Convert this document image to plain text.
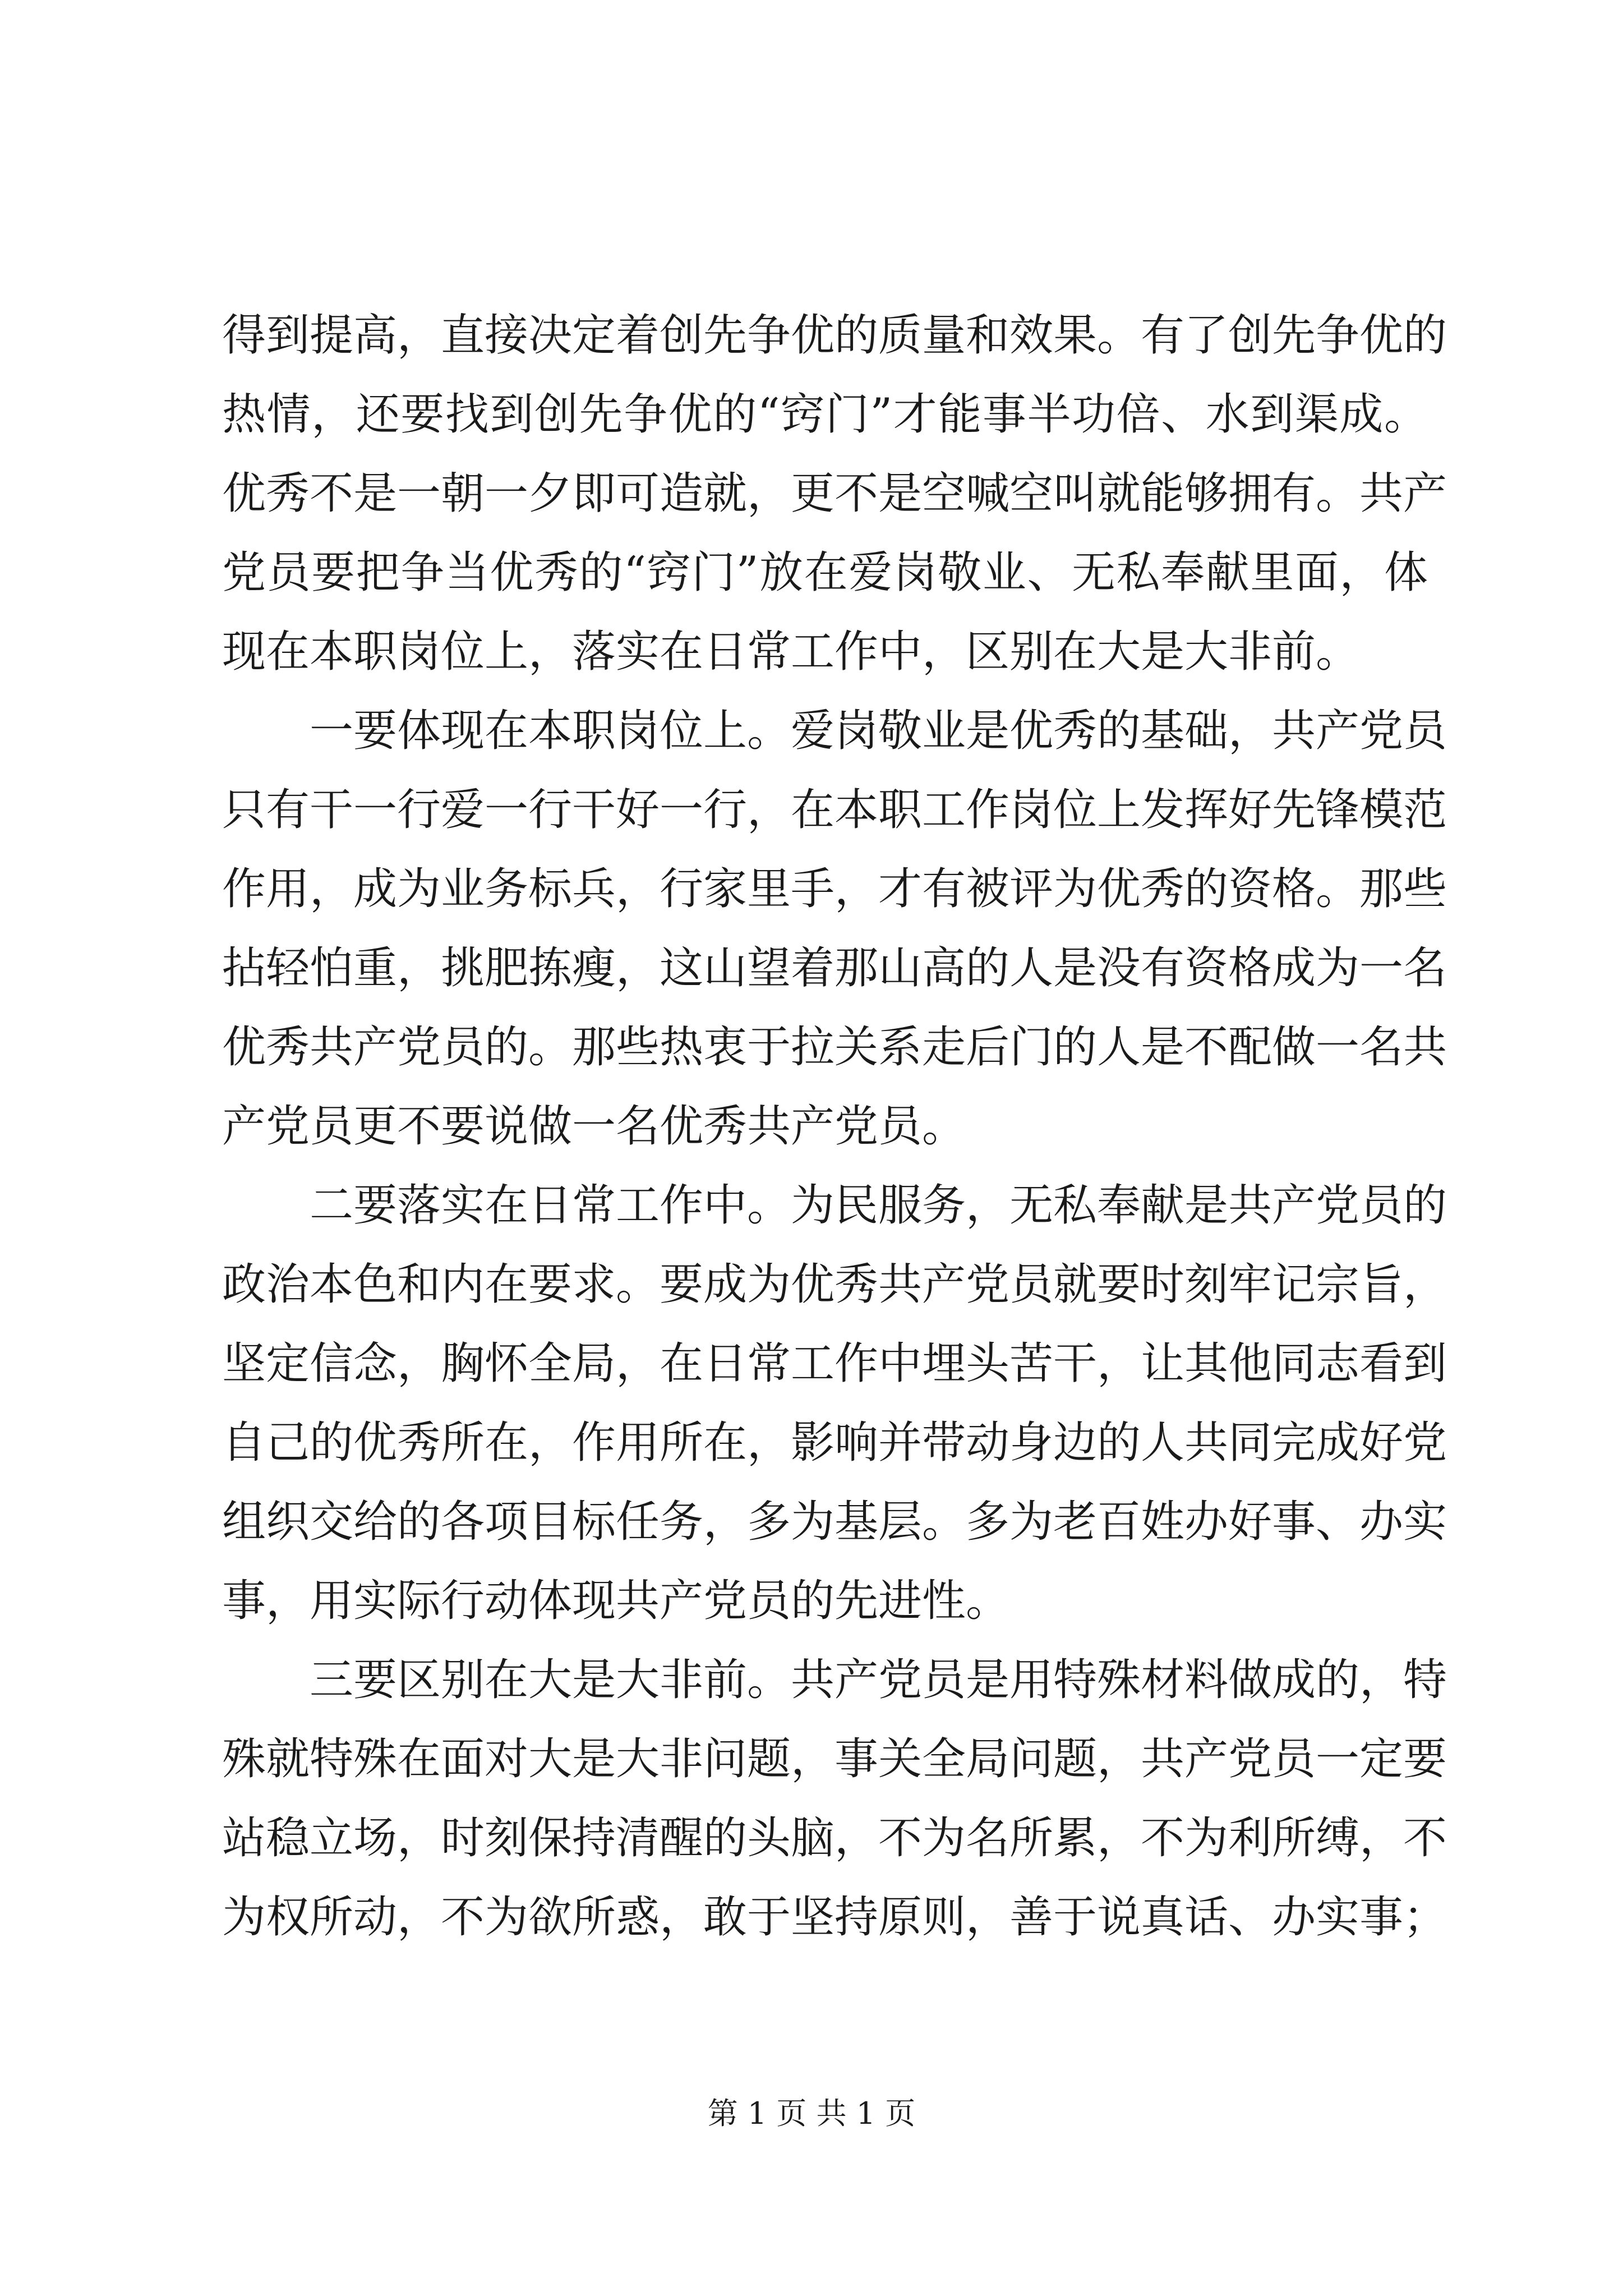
得到提高，直接决定着创先争优的质量和效果。有了创先争优的
热情，还要找到创先争优的“窍门”才能事半功倍、水到渠成。
优秀不是一朝一夕即可造就，更不是空喊空叫就能够拥有。共产
党员要把争当优秀的“窍门”放在爱岗敬业、无私奉献里面，体
现在本职岗位上，落实在日常工作中，区别在大是大非前。
一要体现在本职岗位上。爱岗敬业是优秀的基础，共产党员
只有干一行爱一行干好一行，在本职工作岗位上发挥好先锋模范
作用，成为业务标兵，行家里手，才有被评为优秀的资格。那些
拈轻怕重，挑肥拣瘦，这山望着那山高的人是没有资格成为一名
优秀共产党员的。那些热衷于拉关系走后门的人是不配做一名共
产党员更不要说做一名优秀共产党员。
二要落实在日常工作中。为民服务，无私奉献是共产党员的
政治本色和内在要求。要成为优秀共产党员就要时刻牢记宗旨，
坚定信念，胸怀全局，在日常工作中埋头苦干，让其他同志看到
自己的优秀所在，作用所在，影响并带动身边的人共同完成好党
组织交给的各项目标任务，多为基层。多为老百姓办好事、办实
事，用实际行动体现共产党员的先进性。
三要区别在大是大非前。共产党员是用特殊材料做成的，特
殊就特殊在面对大是大非问题，事关全局问题，共产党员一定要
站稳立场，时刻保持清醒的头脑，不为名所累，不为利所缚，不
为权所动，不为欲所惑，敢于坚持原则，善于说真话、办实事；
第 1 页 共 1 页
